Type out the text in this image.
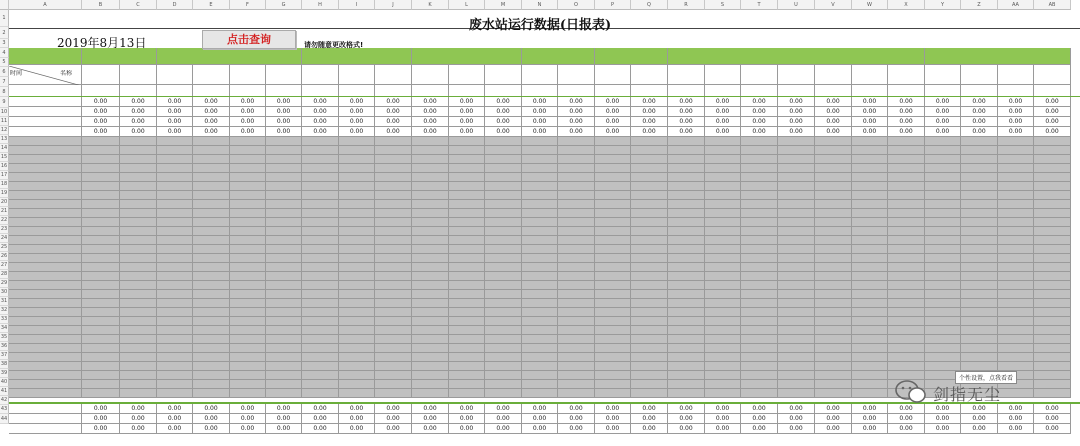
A	B	C	D	E	F	G	H	I	J	K	L	M	N	O	P	Q	R	S	T	U	V	W	X	Y	Z	AA	AB
1
2
3
4
5
6
7
8
9
10
11
12
13
14
15
16
17
18
19
20
21
22
23
24
25
26
27
28
29
30
31
32
33
34
35
36
37
38
39
40
41
42
43
44
时间	名称
0.00	0.00	0.00	0.00	0.00	0.00	0.00	0.00	0.00	0.00	0.00	0.00	0.00	0.00	0.00	0.00	0.00	0.00	0.00	0.00	0.00	0.00	0.00	0.00	0.00	0.00	0.00
0.00	0.00	0.00	0.00	0.00	0.00	0.00	0.00	0.00	0.00	0.00	0.00	0.00	0.00	0.00	0.00	0.00	0.00	0.00	0.00	0.00	0.00	0.00	0.00	0.00	0.00	0.00
0.00	0.00	0.00	0.00	0.00	0.00	0.00	0.00	0.00	0.00	0.00	0.00	0.00	0.00	0.00	0.00	0.00	0.00	0.00	0.00	0.00	0.00	0.00	0.00	0.00	0.00	0.00
0.00	0.00	0.00	0.00	0.00	0.00	0.00	0.00	0.00	0.00	0.00	0.00	0.00	0.00	0.00	0.00	0.00	0.00	0.00	0.00	0.00	0.00	0.00	0.00	0.00	0.00	0.00
0.00	0.00	0.00	0.00	0.00	0.00	0.00	0.00	0.00	0.00	0.00	0.00	0.00	0.00	0.00	0.00	0.00	0.00	0.00	0.00	0.00	0.00	0.00	0.00	0.00	0.00	0.00
0.00	0.00	0.00	0.00	0.00	0.00	0.00	0.00	0.00	0.00	0.00	0.00	0.00	0.00	0.00	0.00	0.00	0.00	0.00	0.00	0.00	0.00	0.00	0.00	0.00	0.00	0.00
0.00	0.00	0.00	0.00	0.00	0.00	0.00	0.00	0.00	0.00	0.00	0.00	0.00	0.00	0.00	0.00	0.00	0.00	0.00	0.00	0.00	0.00	0.00	0.00	0.00	0.00	0.00
废水站运行数据(日报表)
2019年8月13日	点击查询	请勿随意更改格式!
个性设置，点我看看
剑指无尘
